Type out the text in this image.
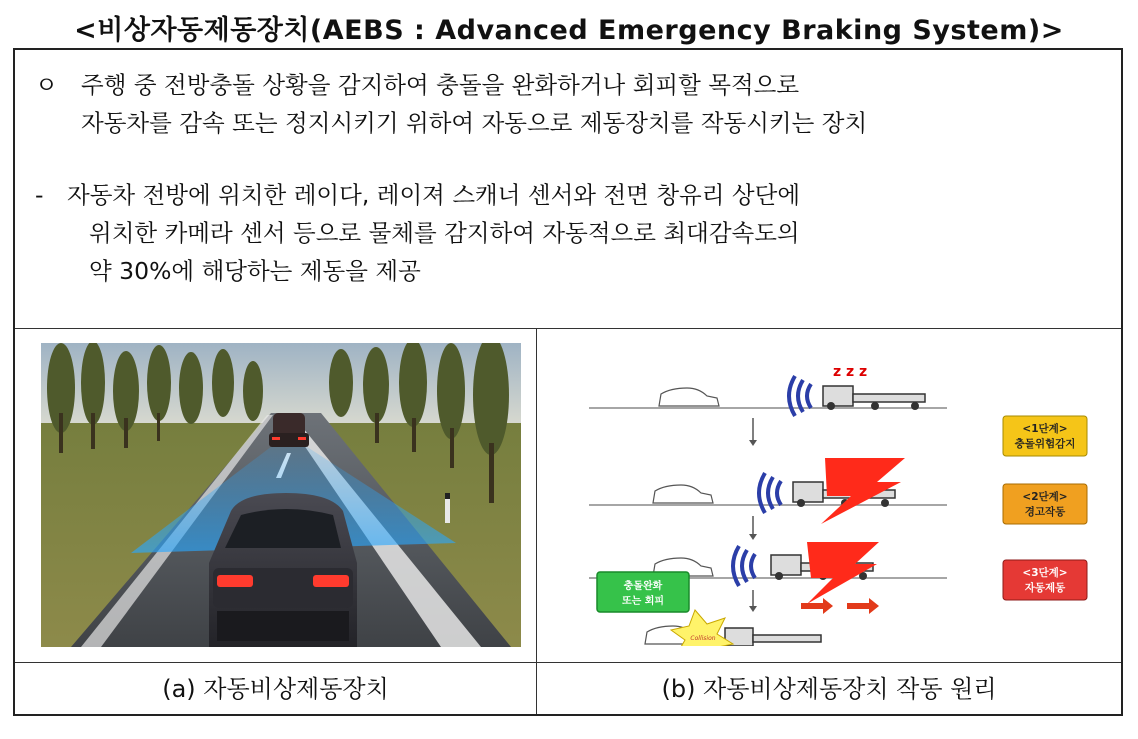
<비상자동제동장치(AEBS : Advanced Emergency Braking System)>
ㅇ 주행 중 전방충돌 상황을 감지하여 충돌을 완화하거나 회피할 목적으로
자동차를 감속 또는 정지시키기 위하여 자동으로 제동장치를 작동시키는 장치
- 자동차 전방에 위치한 레이다, 레이져 스캐너 센서와 전면 창유리 상단에
위치한 카메라 센서 등으로 물체를 감지하여 자동적으로 최대감속도의
약 30%에 해당하는 제동을 제공
(a) 자동비상제동장치
z z z
Collision
충돌완화
또는 회피
<1단계>
충돌위험감지
<2단계>
경고작동
<3단계>
자동제동
(b) 자동비상제동장치 작동 원리
